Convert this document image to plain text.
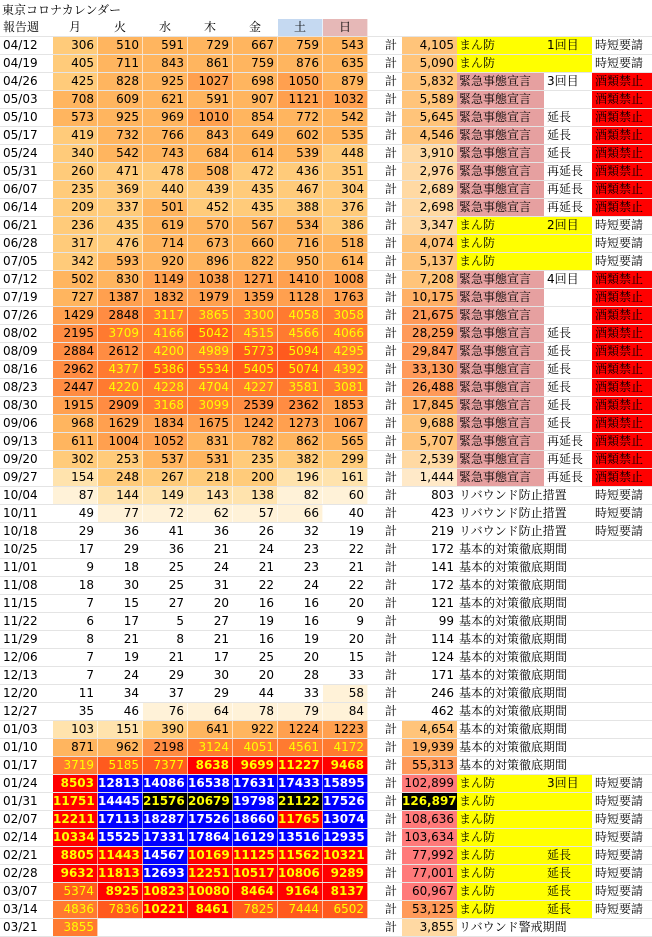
東京コロナカレンダー
報告週	月	火	水	木	金	土	日
04/12	306	510	591	729	667	759	543	計	4,105 まん防	1回目	時短要請
04/19	405	711	843	861	759	876	635	計	5,090 まん防	時短要請
04/26	425	828	925	1027	698	1050	879	計	5,832 緊急事態宣言	3回目	酒類禁止
05/03	708	609	621	591	907	1121	1032	計	5,589 緊急事態宣言	酒類禁止
05/10	573	925	969	1010	854	772	542	計	5,645 緊急事態宣言	延長	酒類禁止
05/17	419	732	766	843	649	602	535	計	4,546 緊急事態宣言	延長	酒類禁止
05/24	340	542	743	684	614	539	448	計	3,910 緊急事態宣言	延長	酒類禁止
05/31	260	471	478	508	472	436	351	計	2,976 緊急事態宣言	再延長 酒類禁止
06/07	235	369	440	439	435	467	304	計	2,689 緊急事態宣言	再延長 酒類禁止
06/14	209	337	501	452	435	388	376	計	2,698 緊急事態宣言	再延長 酒類禁止
06/21	236	435	619	570	567	534	386	計	3,347 まん防	2回目	時短要請
06/28	317	476	714	673	660	716	518	計	4,074 まん防	時短要請
07/05	342	593	920	896	822	950	614	計	5,137 まん防	時短要請
07/12	502	830	1149	1038	1271	1410	1008	計	7,208 緊急事態宣言	4回目	酒類禁止
07/19	727	1387	1832	1979	1359	1128	1763	計	10,175 緊急事態宣言	酒類禁止
07/26	1429	2848	3117	3865	3300	4058	3058	計	21,675 緊急事態宣言	酒類禁止
08/02	2195	3709	4166	5042	4515	4566	4066	計	28,259 緊急事態宣言	延長	酒類禁止
08/09	2884	2612	4200	4989	5773	5094	4295	計	29,847 緊急事態宣言	延長	酒類禁止
08/16	2962	4377	5386	5534	5405	5074	4392	計	33,130 緊急事態宣言	延長	酒類禁止
08/23	2447	4220	4228	4704	4227	3581	3081	計	26,488 緊急事態宣言	延長	酒類禁止
08/30	1915	2909	3168	3099	2539	2362	1853	計	17,845 緊急事態宣言	延長	酒類禁止
09/06	968	1629	1834	1675	1242	1273	1067	計	9,688 緊急事態宣言	延長	酒類禁止
09/13	611	1004	1052	831	782	862	565	計	5,707 緊急事態宣言	再延長 酒類禁止
09/20	302	253	537	531	235	382	299	計	2,539 緊急事態宣言	再延長 酒類禁止
09/27	154	248	267	218	200	196	161	計	1,444 緊急事態宣言	再延長 酒類禁止
10/04	87	144	149	143	138	82	60	計	803 リバウンド防止措置 時短要請
10/11	49	77	72	62	57	66	40	計	423 リバウンド防止措置 時短要請
10/18	29	36	41	36	26	32	19	計	219 リバウンド防止措置 時短要請
10/25	17	29	36	21	24	23	22	計	172 基本的対策徹底期間
11/01	9	18	25	24	21	23	21	計	141 基本的対策徹底期間
11/08	18	30	25	31	22	24	22	計	172 基本的対策徹底期間
11/15	7	15	27	20	16	16	20	計	121 基本的対策徹底期間
11/22	6	17	5	27	19	16	9	計	99 基本的対策徹底期間
11/29	8	21	8	21	16	19	20	計	114 基本的対策徹底期間
12/06	7	19	21	17	25	20	15	計	124 基本的対策徹底期間
12/13	7	24	29	30	20	28	33	計	171 基本的対策徹底期間
12/20	11	34	37	29	44	33	58	計	246 基本的対策徹底期間
12/27	35	46	76	64	78	79	84	計	462 基本的対策徹底期間
01/03	103	151	390	641	922	1224	1223	計	4,654 基本的対策徹底期間
01/10	871	962	2198	3124	4051	4561	4172	計	19,939 基本的対策徹底期間
01/17	3719	5185	7377 8638 9699 11227 9468	計	55,313 基本的対策徹底期間
01/24	8503 12813 14086 16538 17631 17433 15895	計 102,899 まん防	3回目	時短要請
01/31	11751 14445 21576 20679 19798 21122 17526	計 126,897 まん防	時短要請
02/07	12211 17113 18287 17526 18660 11765 13074	計 108,636 まん防	時短要請
02/14	10334 15525 17331 17864 16129 13516 12935	計 103,634 まん防	時短要請
02/21	8805 11443 14567 10169 11125 11562 10321	計	77,992 まん防	延長	時短要請
02/28	9632 11813 12693 12251 10517 10806 9289	計	77,001 まん防	延長	時短要請
03/07	5374 8925 10823 10080 8464 9164 8137	計	60,967 まん防	延長	時短要請
03/14	4836	7836 10221 8461	7825	7444	6502	計	53,125 まん防	延長	時短要請
03/21	3855	計	3,855 リバウンド警戒期間
